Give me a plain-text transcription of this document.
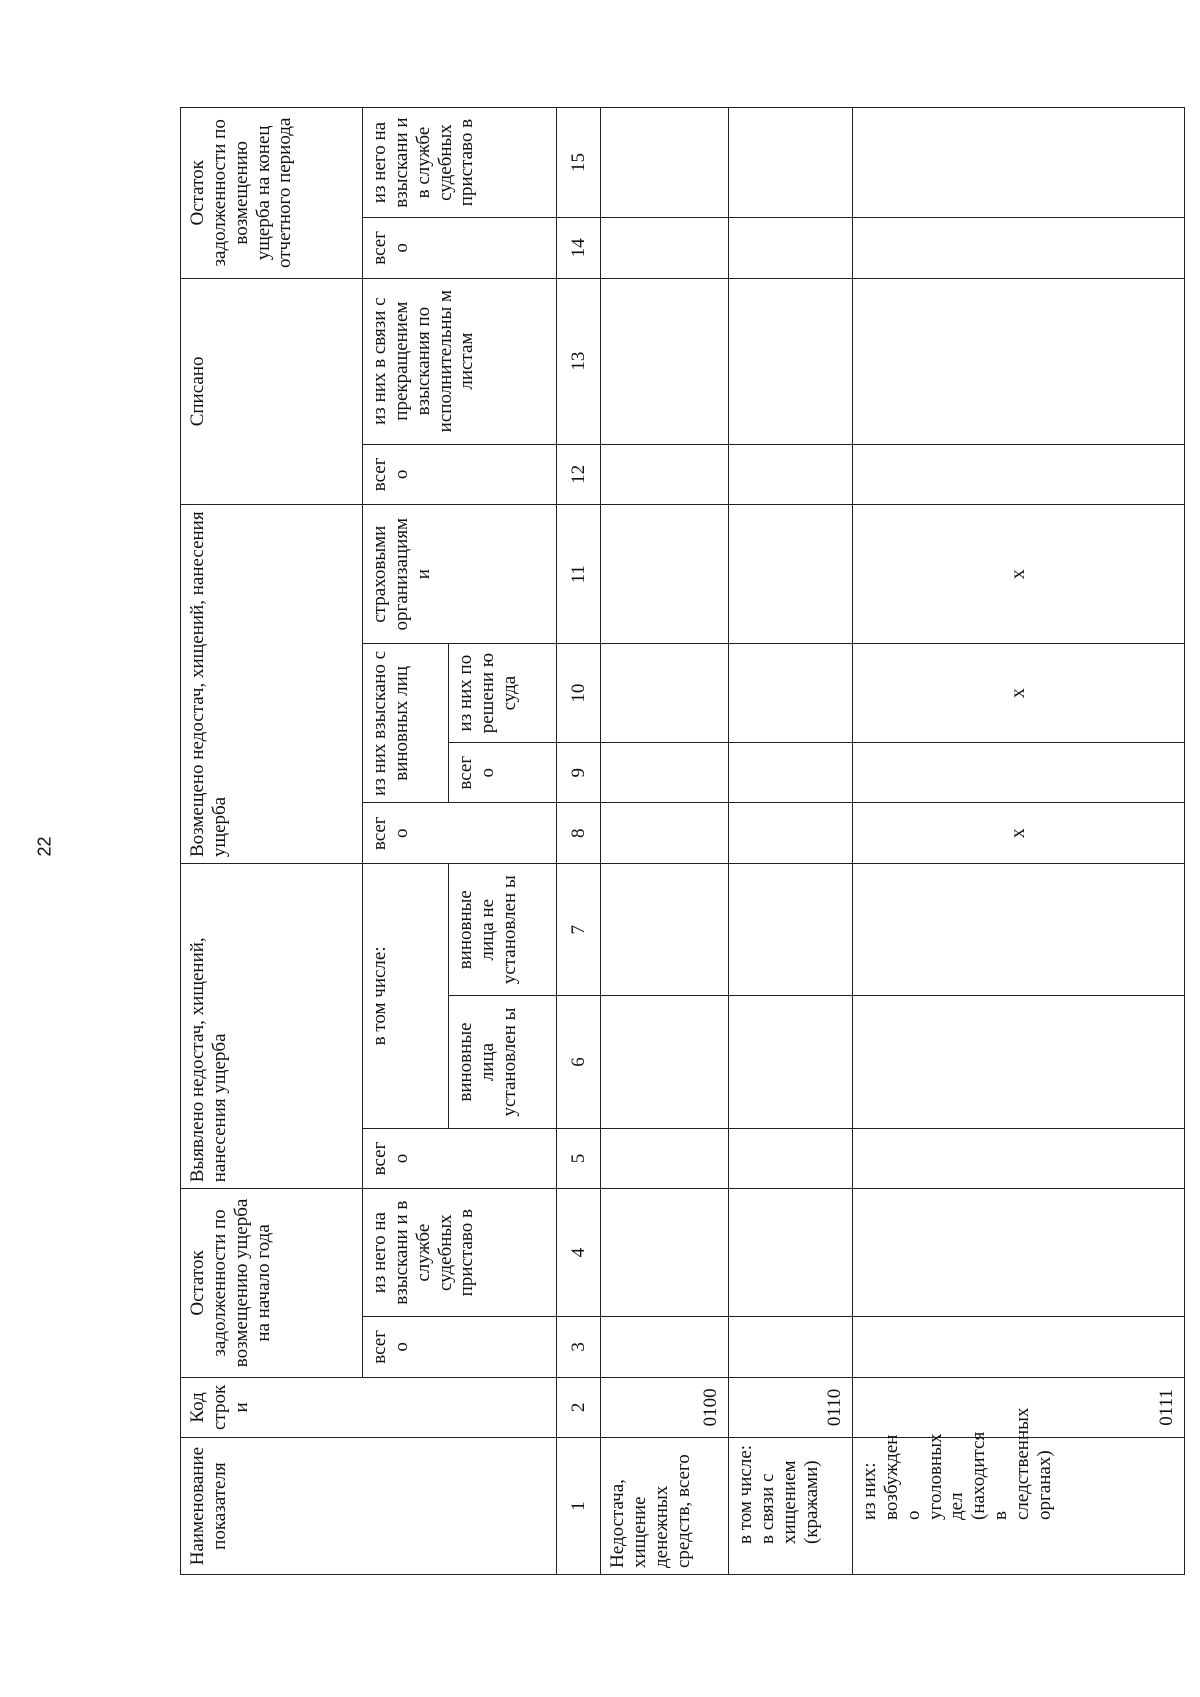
22
Наименование показателя	Код строк и	Остаток задолженности по возмещению ущерба на начало года		Выявлено недостач, хищений, нанесения ущерба			Возмещено недостач, хищений, нанесения ущерба				Списано		Остаток задолженности по возмещению ущерба на конец отчетного периода	
		всег о	из него на взыскани и в службе судебных приставо в	всег о	в том числе:		всег о	из них взыскано с виновных лиц		страховыми организациям и	всег о	из них в связи с прекращением взыскания по исполнительны м листам	всег о	из него на взыскани и в службе судебных приставо в
					виновные лица установлен ы	виновные лица не установлен ы		всег о	из них по решени ю суда					
1	2	3	4	5	6	7	8	9	10	11	12	13	14	15
Недостача, хищение денежных средств, всего	0100													
в том числе: в связи с хищением (кражами)	0110													
из них: возбужден о уголовных дел (находится в следственных органах)	0111						x		x	x				
